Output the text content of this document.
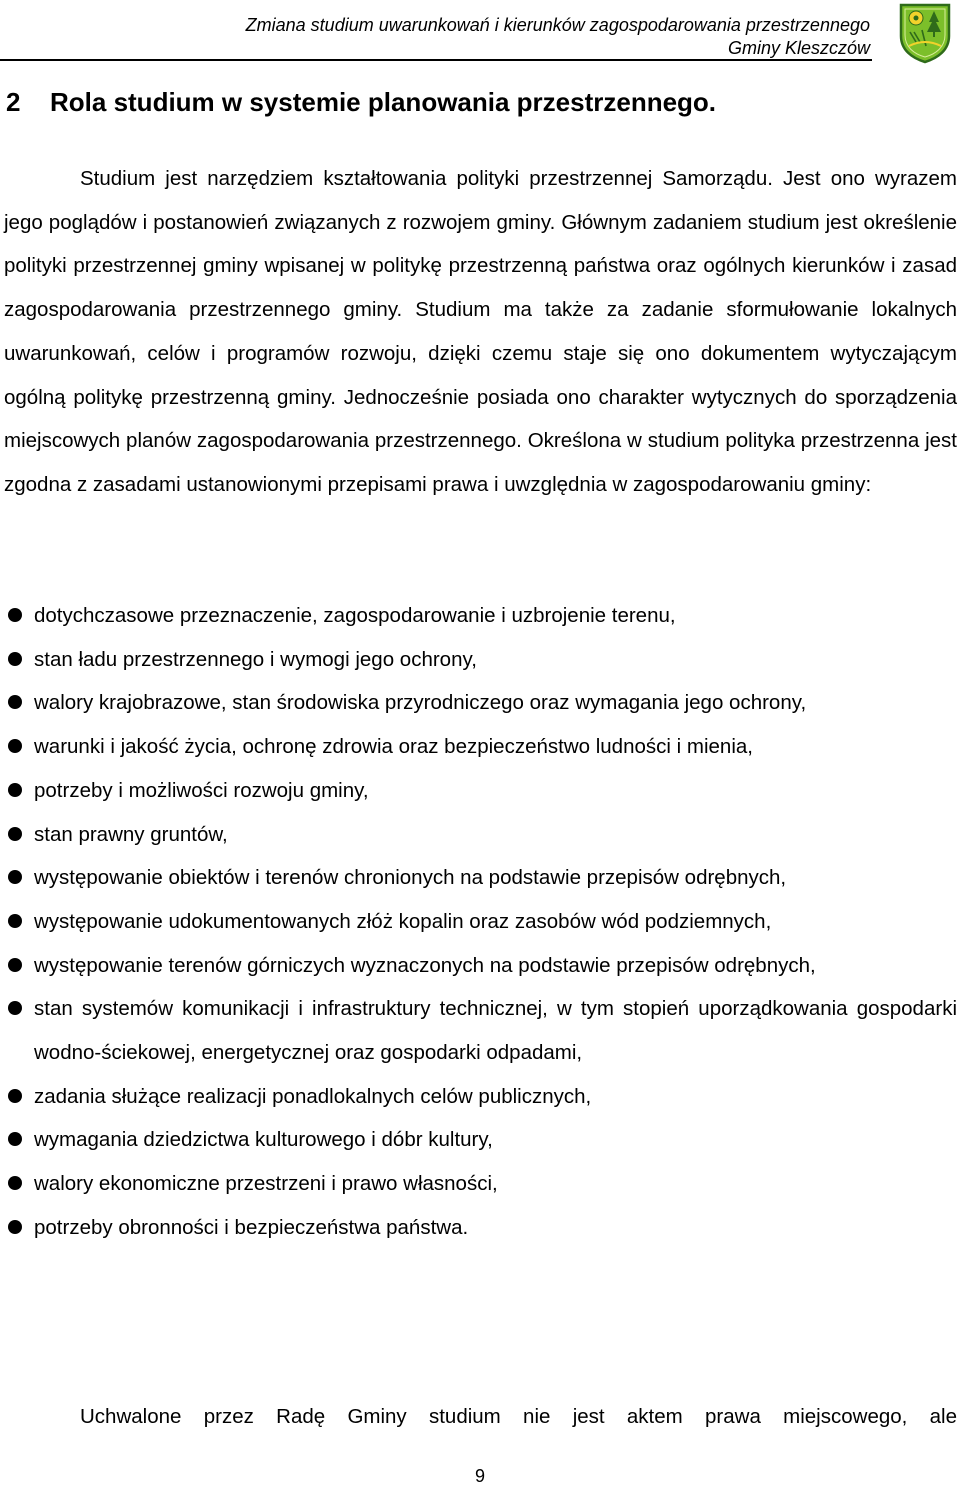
Zmiana studium uwarunkowań i kierunków zagospodarowania przestrzennego
Gminy Kleszczów
2 Rola studium w systemie planowania przestrzennego.

Studium jest narzędziem kształtowania polityki przestrzennej Samorządu. Jest ono wyrazem jego poglądów i postanowień związanych z rozwojem gminy. Głównym zadaniem studium jest określenie polityki przestrzennej gminy wpisanej w politykę przestrzenną państwa oraz ogólnych kierunków i zasad zagospodarowania przestrzennego gminy. Studium ma także za zadanie sformułowanie lokalnych uwarunkowań, celów i programów rozwoju, dzięki czemu staje się ono dokumentem wytyczającym ogólną politykę przestrzenną gminy. Jednocześnie posiada ono charakter wytycznych do sporządzenia miejscowych planów zagospodarowania przestrzennego. Określona w studium polityka przestrzenna jest zgodna z zasadami ustanowionymi przepisami prawa i uwzględnia w zagospodarowaniu gminy:

dotychczasowe przeznaczenie, zagospodarowanie i uzbrojenie terenu,
stan ładu przestrzennego i wymogi jego ochrony,
walory krajobrazowe, stan środowiska przyrodniczego oraz wymagania jego ochrony,
warunki i jakość życia, ochronę zdrowia oraz bezpieczeństwo ludności i mienia,
potrzeby i możliwości rozwoju gminy,
stan prawny gruntów,
występowanie obiektów i terenów chronionych na podstawie przepisów odrębnych,
występowanie udokumentowanych złóż kopalin oraz zasobów wód podziemnych,
występowanie terenów górniczych wyznaczonych na podstawie przepisów odrębnych,
stan systemów komunikacji i infrastruktury technicznej, w tym stopień uporządkowania gospodarki wodno-ściekowej, energetycznej oraz gospodarki odpadami,
zadania służące realizacji ponadlokalnych celów publicznych,
wymagania dziedzictwa kulturowego i dóbr kultury,
walory ekonomiczne przestrzeni i prawo własności,
potrzeby obronności i bezpieczeństwa państwa.

Uchwalone przez Radę Gminy studium nie jest aktem prawa miejscowego, ale

9
